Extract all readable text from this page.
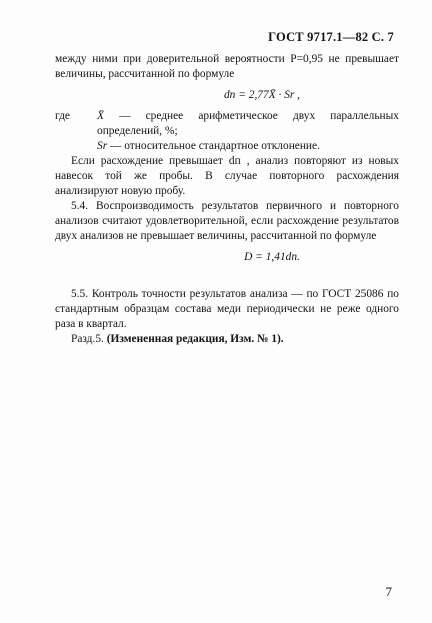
ГОСТ 9717.1—82 С. 7

между ними при доверительной вероятности Р=0,95 не превышает величины, рассчитанной по формуле

dп = 2,77X̄ · Sr ,
где	X̄ — среднее арифметическое двух параллельных определений, %;
Sr — относительное стандартное отклонение.

Если расхождение превышает dп , анализ повторяют из новых навесок той же пробы. В случае повторного расхождения анализируют новую пробу.

5.4. Воспроизводимость результатов первичного и повторного анализов считают удовлетворительной, если расхождение результатов двух анализов не превышает величины, рассчитанной по формуле

D = 1,41dп.

5.5. Контроль точности результатов анализа — по ГОСТ 25086 по стандартным образцам состава меди периодически не реже одного раза в квартал.

Разд.5. (Измененная редакция, Изм. № 1).

7
